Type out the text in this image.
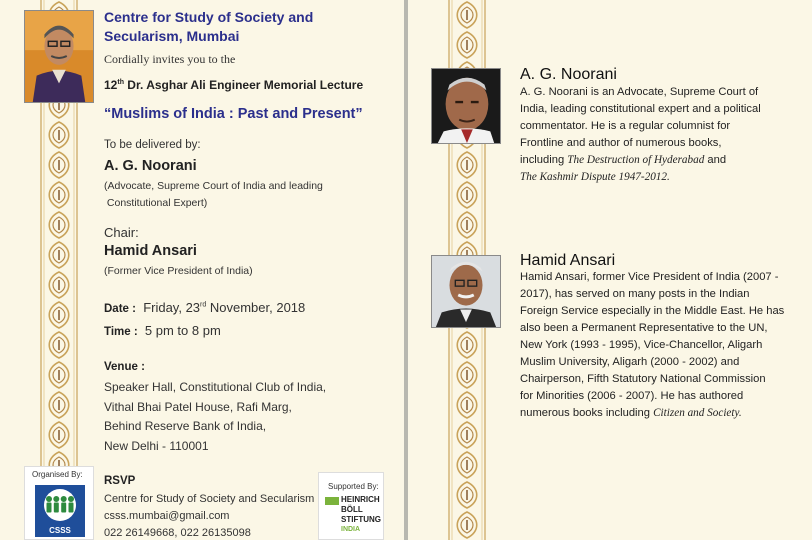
Centre for Study of Society and
Secularism, Mumbai
Cordially invites you to the
12th Dr. Asghar Ali Engineer Memorial Lecture
“Muslims of India : Past and Present”
To be delivered by:
A. G. Noorani
(Advocate, Supreme Court of India and leading
Constitutional Expert)
Chair:
Hamid Ansari
(Former Vice President of India)
Date : Friday, 23rd November, 2018
Time : 5 pm to 8 pm
Venue :
Speaker Hall, Constitutional Club of India,
Vithal Bhai Patel House, Rafi Marg,
Behind Reserve Bank of India,
New Delhi - 110001
Organised By:
CSSS
RSVP
Centre for Study of Society and Secularism
csss.mumbai@gmail.com
022 26149668, 022 26135098
Supported By:
HEINRICH
BÖLL
STIFTUNG
INDIA
A. G. Noorani
A. G. Noorani is an Advocate, Supreme Court of
India, leading constitutional expert and a political
commentator. He is a regular columnist for
Frontline and author of numerous books,
including The Destruction of Hyderabad and
The Kashmir Dispute 1947-2012.
Hamid Ansari
Hamid Ansari, former Vice President of India (2007 -
2017), has served on many posts in the Indian
Foreign Service especially in the Middle East. He has
also been a Permanent Representative to the UN,
New York (1993 - 1995), Vice-Chancellor, Aligarh
Muslim University, Aligarh (2000 - 2002) and
Chairperson, Fifth Statutory National Commission
for Minorities (2006 - 2007). He has authored
numerous books including Citizen and Society.
